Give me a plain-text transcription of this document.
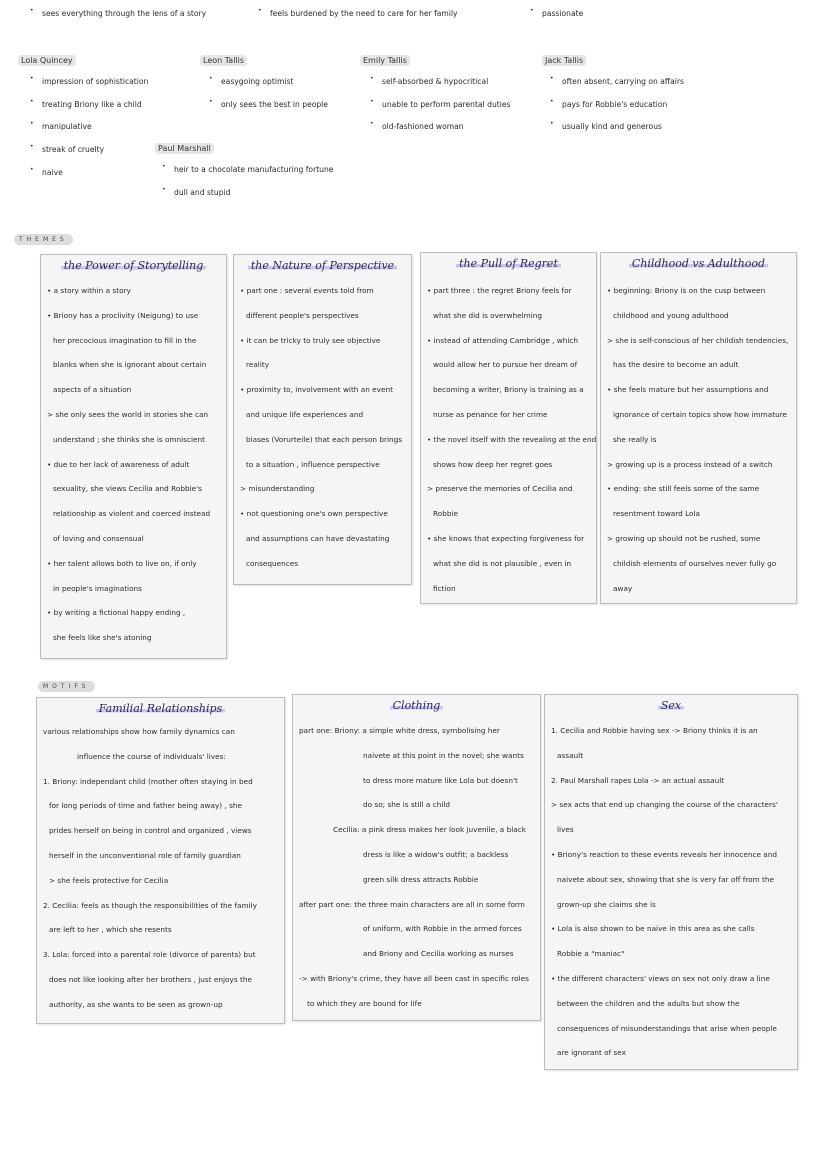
• sees everything through the lens of a story	• feels burdened by the need to care for her family	• passionate
Lola Quincey
• impression of sophistication
• treating Briony like a child
• manipulative
• streak of cruelty
• naive
Leon Tallis
• easygoing optimist
• only sees the best in people
Emily Tallis
• self-absorbed & hypocritical
• unable to perform parental duties
• old-fashioned woman
Jack Tallis
• often absent, carrying on affairs
• pays for Robbie's education
• usually kind and generous
Paul Marshall
• heir to a chocolate manufacturing fortune
• dull and stupid
THEMES
the Power of Storytelling
• a story within a story
• Briony has a proclivity (Neigung) to use
her precocious imagination to fill in the
blanks when she is ignorant about certain
aspects of a situation
> she only sees the world in stories she can
understand ; she thinks she is omniscient
• due to her lack of awareness of adult
sexuality, she views Cecilia and Robbie's
relationship as violent and coerced instead
of loving and consensual
• her talent allows both to live on, if only
in people's imaginations
• by writing a fictional happy ending ,
she feels like she's atoning
the Nature of Perspective
• part one : several events told from
different people's perspectives
• it can be tricky to truly see objective
reality
• proximity to, involvement with an event
and unique life experiences and
biases (Vorurteile) that each person brings
to a situation , influence perspective
> misunderstanding
• not questioning one's own perspective
and assumptions can have devastating
consequences
the Pull of Regret
• part three : the regret Briony feels for
what she did is overwhelming
• instead of attending Cambridge , which
would allow her to pursue her dream of
becoming a writer, Briony is training as a
nurse as penance for her crime
• the novel itself with the revealing at the end
shows how deep her regret goes
> preserve the memories of Cecilia and
Robbie
• she knows that expecting forgiveness for
what she did is not plausible , even in
fiction
Childhood vs Adulthood
• beginning: Briony is on the cusp between
childhood and young adulthood
> she is self-conscious of her childish tendencies,
has the desire to become an adult
• she feels mature but her assumptions and
ignorance of certain topics show how immature
she really is
> growing up is a process instead of a switch
• ending: she still feels some of the same
resentment toward Lola
> growing up should not be rushed, some
childish elements of ourselves never fully go
away
MOTIFS
Familial Relationships
various relationships show how family dynamics can
influence the course of individuals' lives:
1. Briony: independant child (mother often staying in bed
for long periods of time and father being away) , she
prides herself on being in control and organized , views
herself in the unconventional role of family guardian
> she feels protective for Cecilia
2. Cecilia: feels as though the responsibilities of the family
are left to her , which she resents
3. Lola: forced into a parental role (divorce of parents) but
does not like looking after her brothers , just enjoys the
authority, as she wants to be seen as grown-up
Clothing
part one: Briony: a simple white dress, symbolising her
naivete at this point in the novel; she wants
to dress more mature like Lola but doesn't
do so; she is still a child
Cecilia: a pink dress makes her look juvenile, a black
dress is like a widow's outfit; a backless
green silk dress attracts Robbie
after part one: the three main characters are all in some form
of uniform, with Robbie in the armed forces
and Briony and Cecilia working as nurses
-> with Briony's crime, they have all been cast in specific roles
to which they are bound for life
Sex
1. Cecilia and Robbie having sex -> Briony thinks it is an
assault
2. Paul Marshall rapes Lola -> an actual assault
> sex acts that end up changing the course of the characters'
lives
• Briony's reaction to these events reveals her innocence and
naivete about sex, showing that she is very far off from the
grown-up she claims she is
• Lola is also shown to be naive in this area as she calls
Robbie a "maniac"
• the different characters' views on sex not only draw a line
between the children and the adults but show the
consequences of misunderstandings that arise when people
are ignorant of sex
